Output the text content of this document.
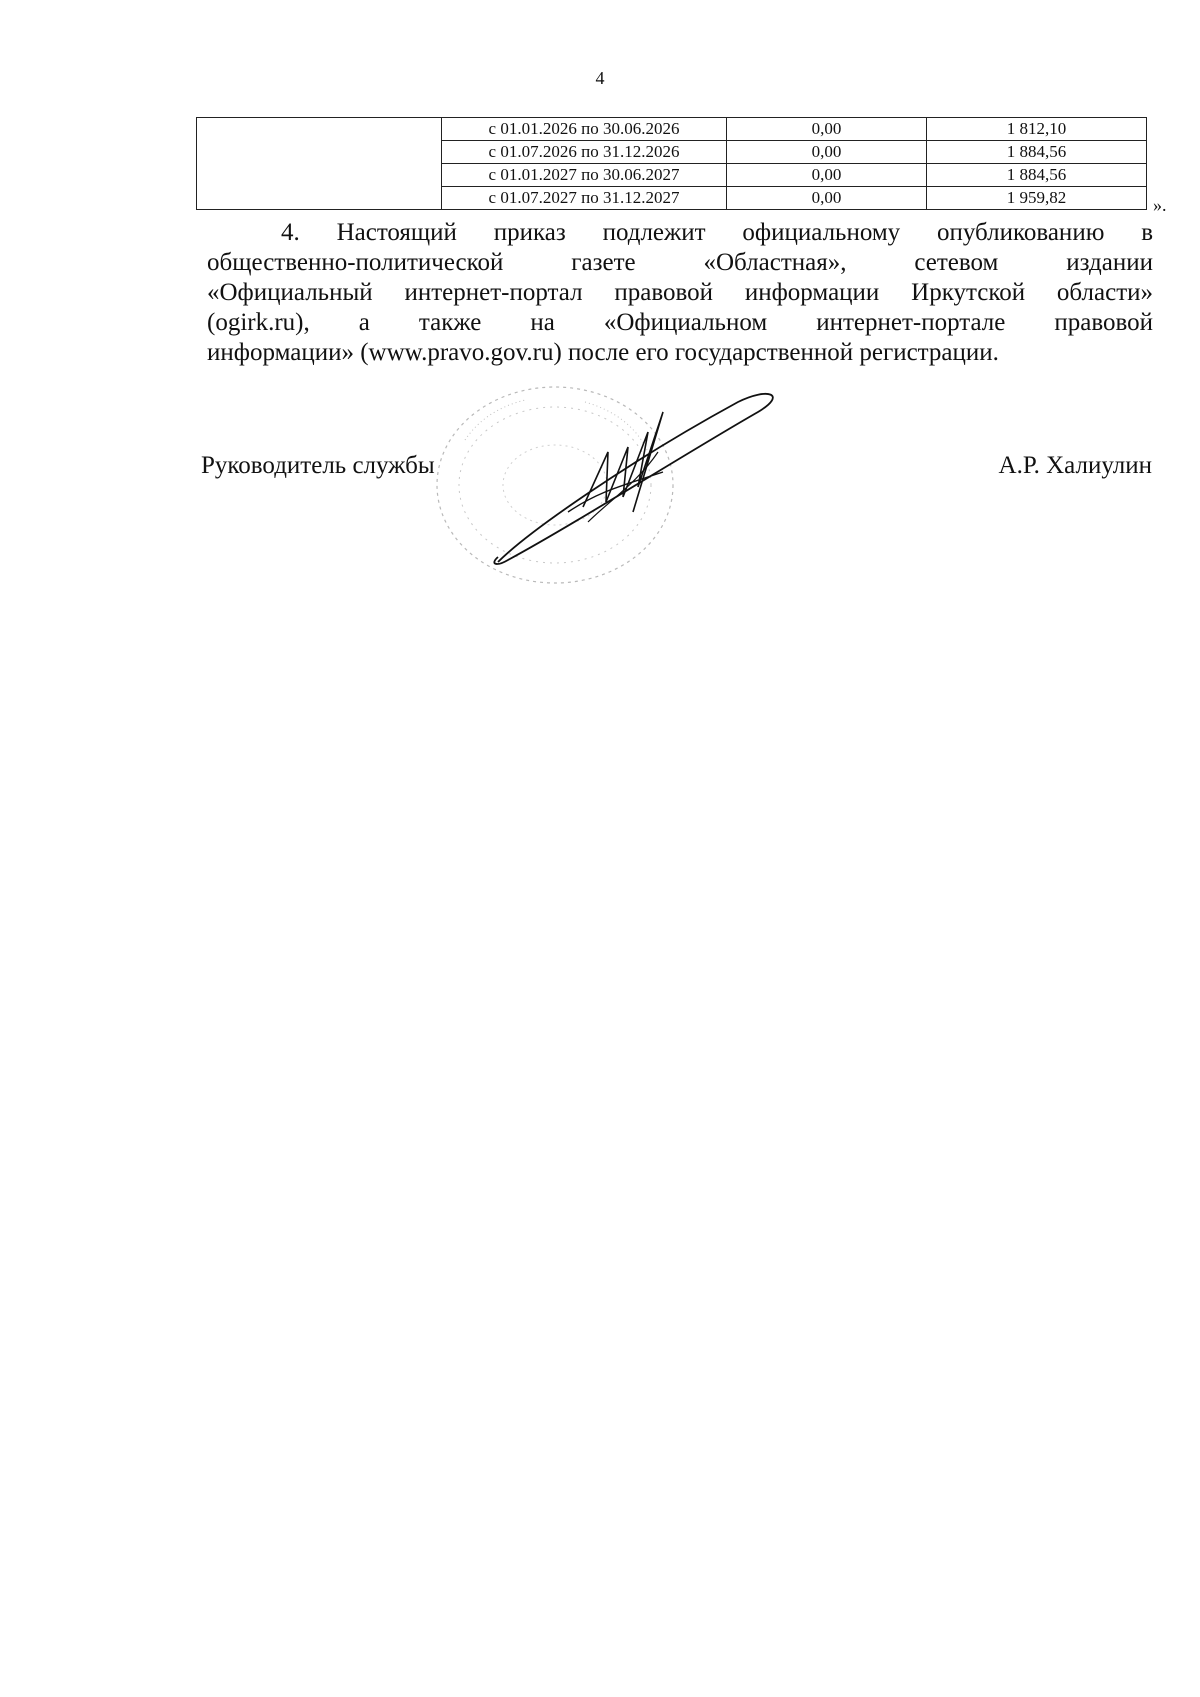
4
	с 01.01.2026 по 30.06.2026	0,00	1 812,10
	с 01.07.2026 по 31.12.2026	0,00	1 884,56
	с 01.01.2027 по 30.06.2027	0,00	1 884,56
	с 01.07.2027 по 31.12.2027	0,00	1 959,82	».
4. Настоящий приказ подлежит официальному опубликованию в
общественно-политической газете «Областная», сетевом издании
«Официальный интернет-портал правовой информации Иркутской области»
(ogirk.ru), а также на «Официальном интернет-портале правовой
информации» (www.pravo.gov.ru) после его государственной регистрации.
Руководитель службы	А.Р. Халиулин
